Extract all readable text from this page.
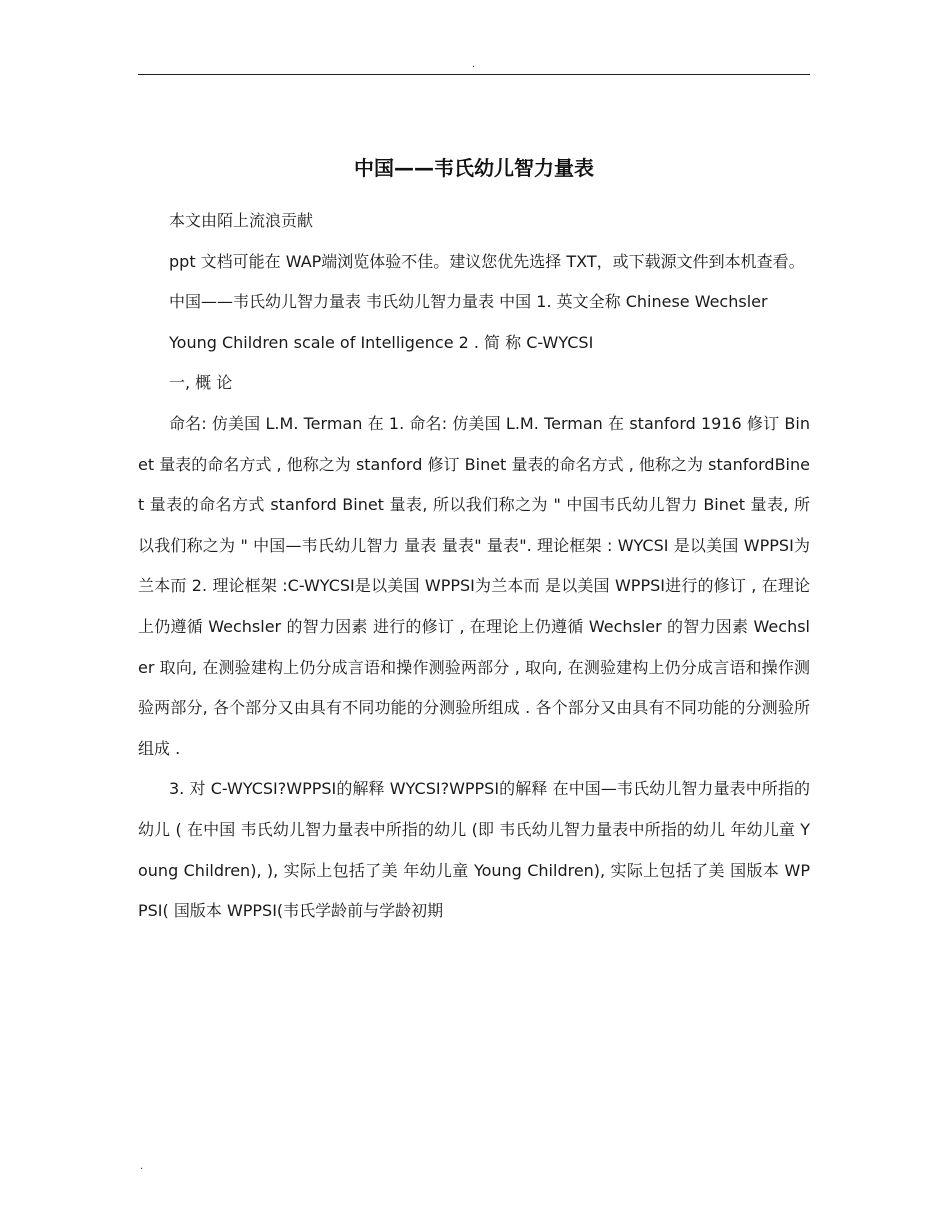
.
中国——韦氏幼儿智力量表

本文由陌上流浪贡献

ppt 文档可能在 WAP端浏览体验不佳。建议您优先选择 TXT，或下载源文件到本机查看。

中国——韦氏幼儿智力量表 韦氏幼儿智力量表 中国 1. 英文全称 Chinese Wechsler

Young Children scale of Intelligence 2 . 简 称 C-WYCSI

一, 概 论

命名: 仿美国 L.M. Terman 在 1. 命名: 仿美国 L.M. Terman 在 stanford 1916 修订 Binet 量表的命名方式 , 他称之为 stanford 修订 Binet 量表的命名方式 , 他称之为 stanfordBinet 量表的命名方式 stanford Binet 量表, 所以我们称之为 " 中国韦氏幼儿智力 Binet 量表, 所以我们称之为 " 中国—韦氏幼儿智力 量表 量表" 量表". 理论框架 : WYCSI 是以美国 WPPSI为兰本而 2. 理论框架 :C-WYCSI是以美国 WPPSI为兰本而 是以美国 WPPSI进行的修订 , 在理论上仍遵循 Wechsler 的智力因素 进行的修订 , 在理论上仍遵循 Wechsler 的智力因素 Wechsler 取向, 在测验建构上仍分成言语和操作测验两部分 , 取向, 在测验建构上仍分成言语和操作测验两部分, 各个部分又由具有不同功能的分测验所组成 . 各个部分又由具有不同功能的分测验所组成 .

3. 对 C-WYCSI?WPPSI的解释 WYCSI?WPPSI的解释 在中国—韦氏幼儿智力量表中所指的幼儿 ( 在中国 韦氏幼儿智力量表中所指的幼儿 (即 韦氏幼儿智力量表中所指的幼儿 年幼儿童 Young Children), ), 实际上包括了美 年幼儿童 Young Children), 实际上包括了美 国版本 WPPSI( 国版本 WPPSI(韦氏学龄前与学龄初期

.
